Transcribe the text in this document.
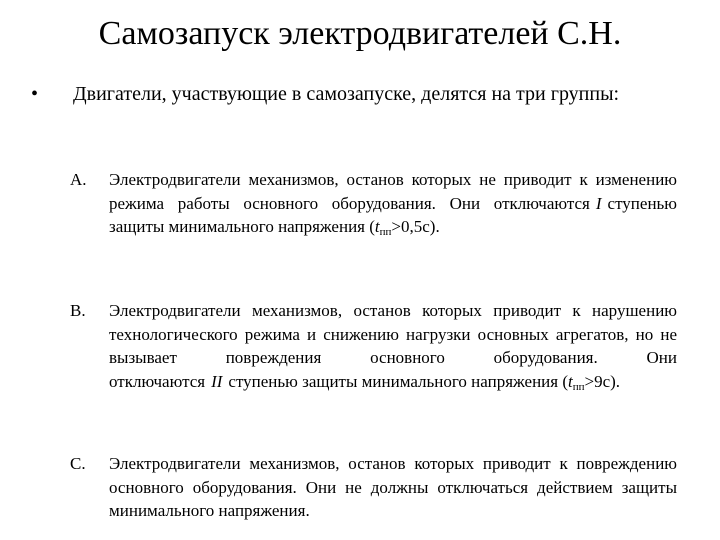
Самозапуск электродвигателей С.Н.
• Двигатели, участвующие в самозапуске, делятся на три группы:
А. Электродвигатели механизмов, останов которых не приводит к изменению режима работы основного оборудования. Они отключаются I ступенью защиты минимального напряжения $(t_{пп}>0,5с)$.
В. Электродвигатели механизмов, останов которых приводит к нарушению технологического режима и снижению нагрузки основных агрегатов, но не вызывает повреждения основного оборудования. Они отключаются II ступенью защиты минимального напряжения $(t_{пп}>9с)$.
С. Электродвигатели механизмов, останов которых приводит к повреждению основного оборудования. Они не должны отключаться действием защиты минимального напряжения.
